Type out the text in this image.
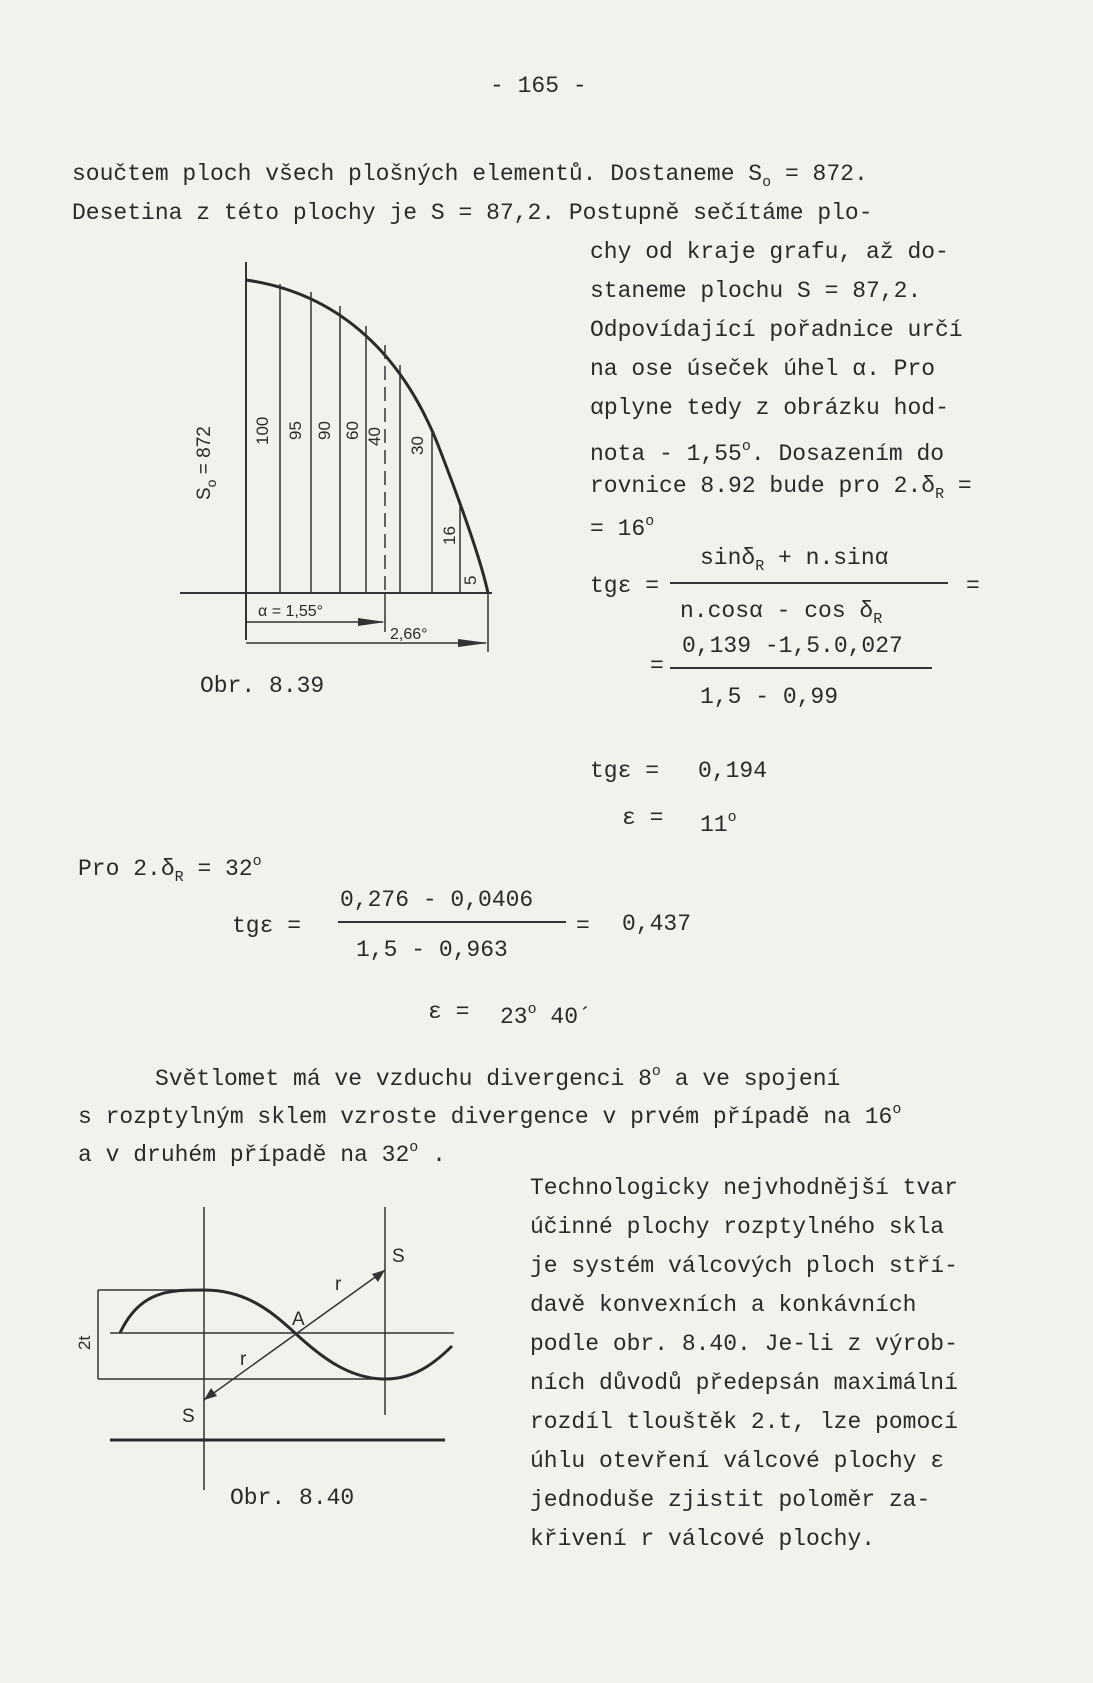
- 165 -
součtem ploch všech plošných elementů. Dostaneme $S_o = 872$.
Desetina z této plochy je S = 87,2. Postupně sečítáme plo-
chy od kraje grafu, až do-
staneme plochu S = 87,2.
Odpovídající pořadnice určí
na ose úseček úhel α. Pro
αplyne tedy z obrázku hod-
nota - 1,55$^o$. Dosazením do
rovnice 8.92 bude pro $2.\delta_R$ =
= $16^o$
100 95 90 60 40 30
16
5
$S_o = 872$
α = 1,55°
2,66°
Obr. 8.39
tgε =
sinδ$_R$ + n.sinα
$n.\cos\alpha - \cos \delta_R$
=
0,139 -1,5.0,027
=
1,5 - 0,99
tgε = 0,194
$\varepsilon = 11^o$
Pro $2.\delta_R = 32^o$
0,276 - 0,0406
tgε =	= 0,437
1,5 - 0,963
$\varepsilon = 23^o$ 40´
Světlomet má ve vzduchu divergenci 8$^o$ a ve spojení
s rozptylným sklem vzroste divergence v prvém případě na 16$^o$
a v druhém případě na 32$^o$ .
Technologicky nejvhodnější tvar
účinné plochy rozptylného skla
je systém válcových ploch stří-
davě konvexních a konkávních
podle obr. 8.40. Je-li z výrob-
ních důvodů předepsán maximální
rozdíl tlouštěk 2.t, lze pomocí
úhlu otevření válcové plochy ε
jednoduše zjistit poloměr za-
křivení r válcové plochy.
2t
S
S
A
r
r
Obr. 8.40
